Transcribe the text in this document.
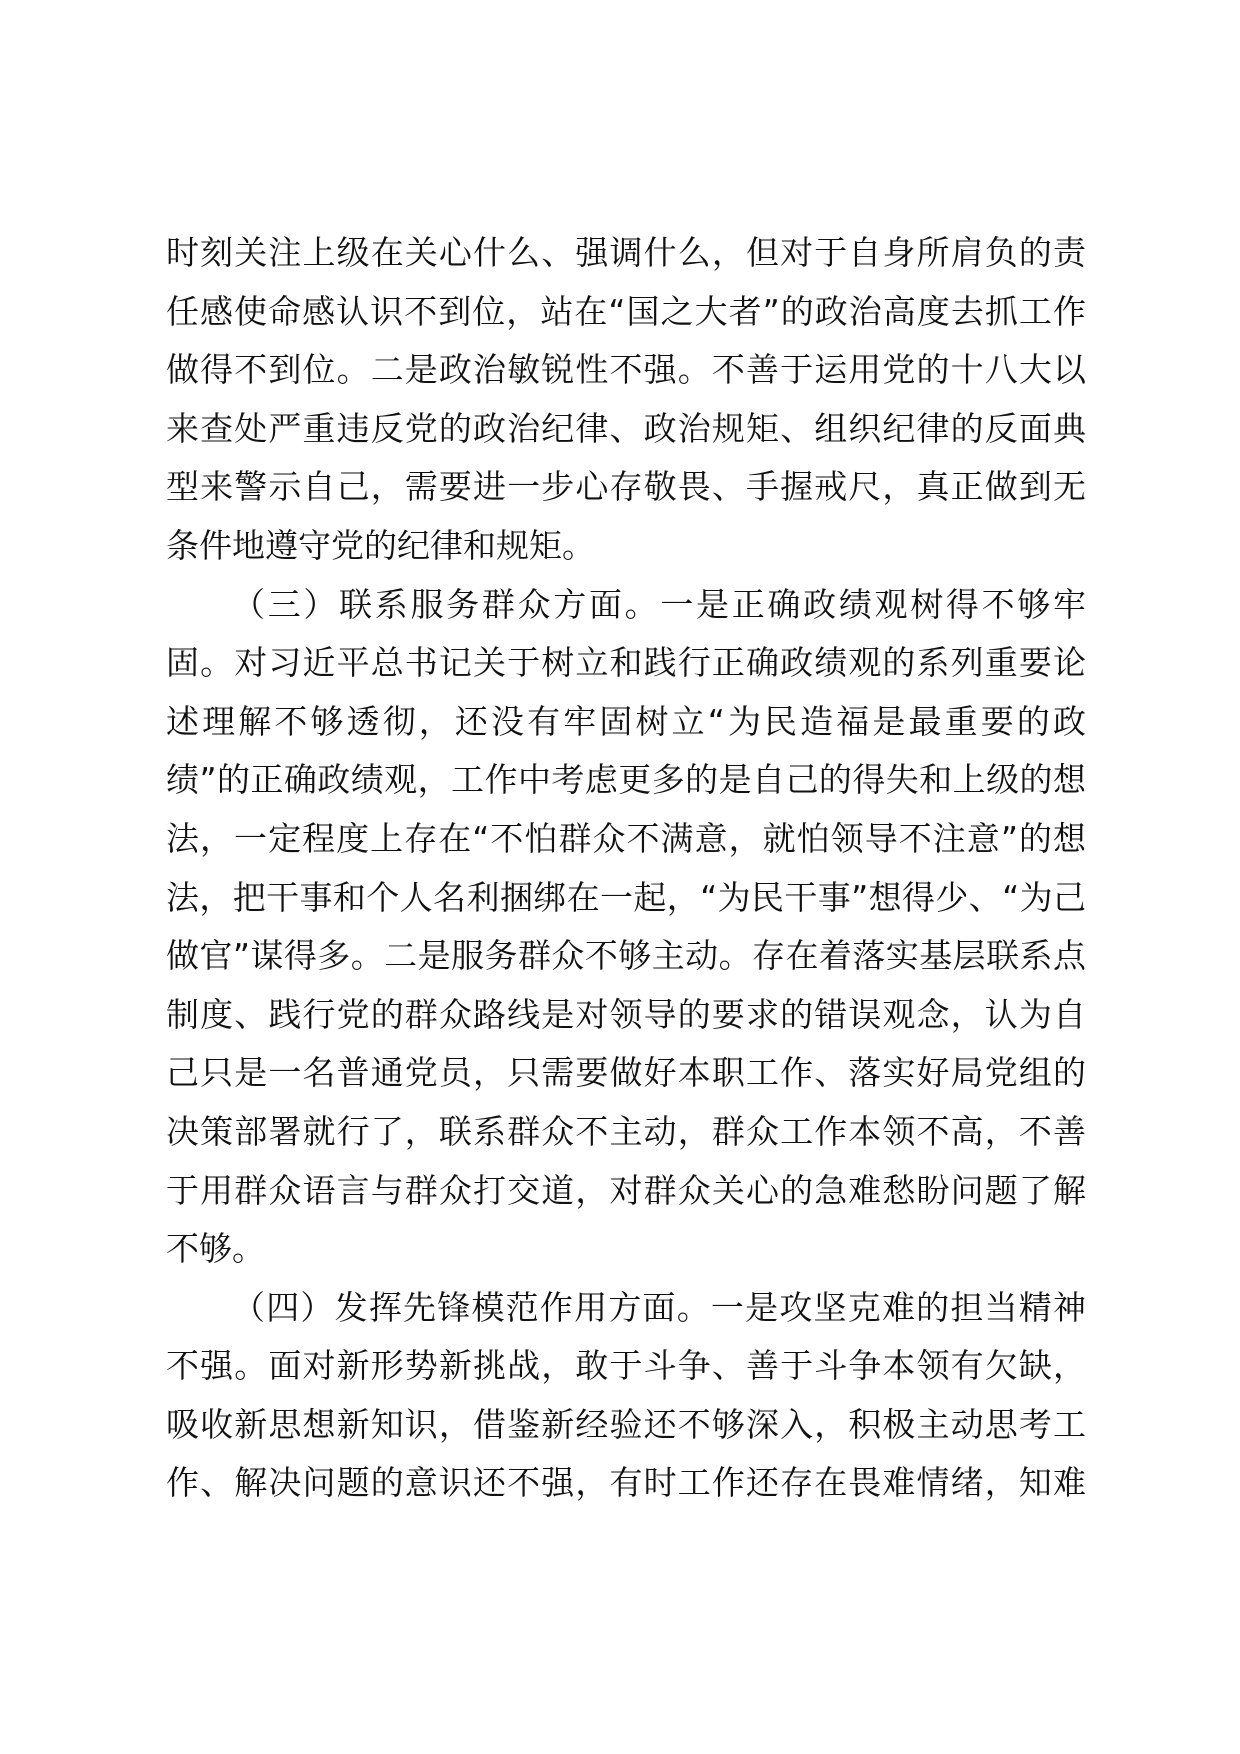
时刻关注上级在关心什么、强调什么，但对于自身所肩负的责
任感使命感认识不到位，站在“国之大者”的政治高度去抓工作
做得不到位。二是政治敏锐性不强。不善于运用党的十八大以
来查处严重违反党的政治纪律、政治规矩、组织纪律的反面典
型来警示自己，需要进一步心存敬畏、手握戒尺，真正做到无
条件地遵守党的纪律和规矩。
（三）联系服务群众方面。一是正确政绩观树得不够牢
固。对习近平总书记关于树立和践行正确政绩观的系列重要论
述理解不够透彻，还没有牢固树立“为民造福是最重要的政
绩”的正确政绩观，工作中考虑更多的是自己的得失和上级的想
法，一定程度上存在“不怕群众不满意，就怕领导不注意”的想
法，把干事和个人名利捆绑在一起，“为民干事”想得少、“为己
做官”谋得多。二是服务群众不够主动。存在着落实基层联系点
制度、践行党的群众路线是对领导的要求的错误观念，认为自
己只是一名普通党员，只需要做好本职工作、落实好局党组的
决策部署就行了，联系群众不主动，群众工作本领不高，不善
于用群众语言与群众打交道，对群众关心的急难愁盼问题了解
不够。
（四）发挥先锋模范作用方面。一是攻坚克难的担当精神
不强。面对新形势新挑战，敢于斗争、善于斗争本领有欠缺，
吸收新思想新知识，借鉴新经验还不够深入，积极主动思考工
作、解决问题的意识还不强，有时工作还存在畏难情绪，知难
